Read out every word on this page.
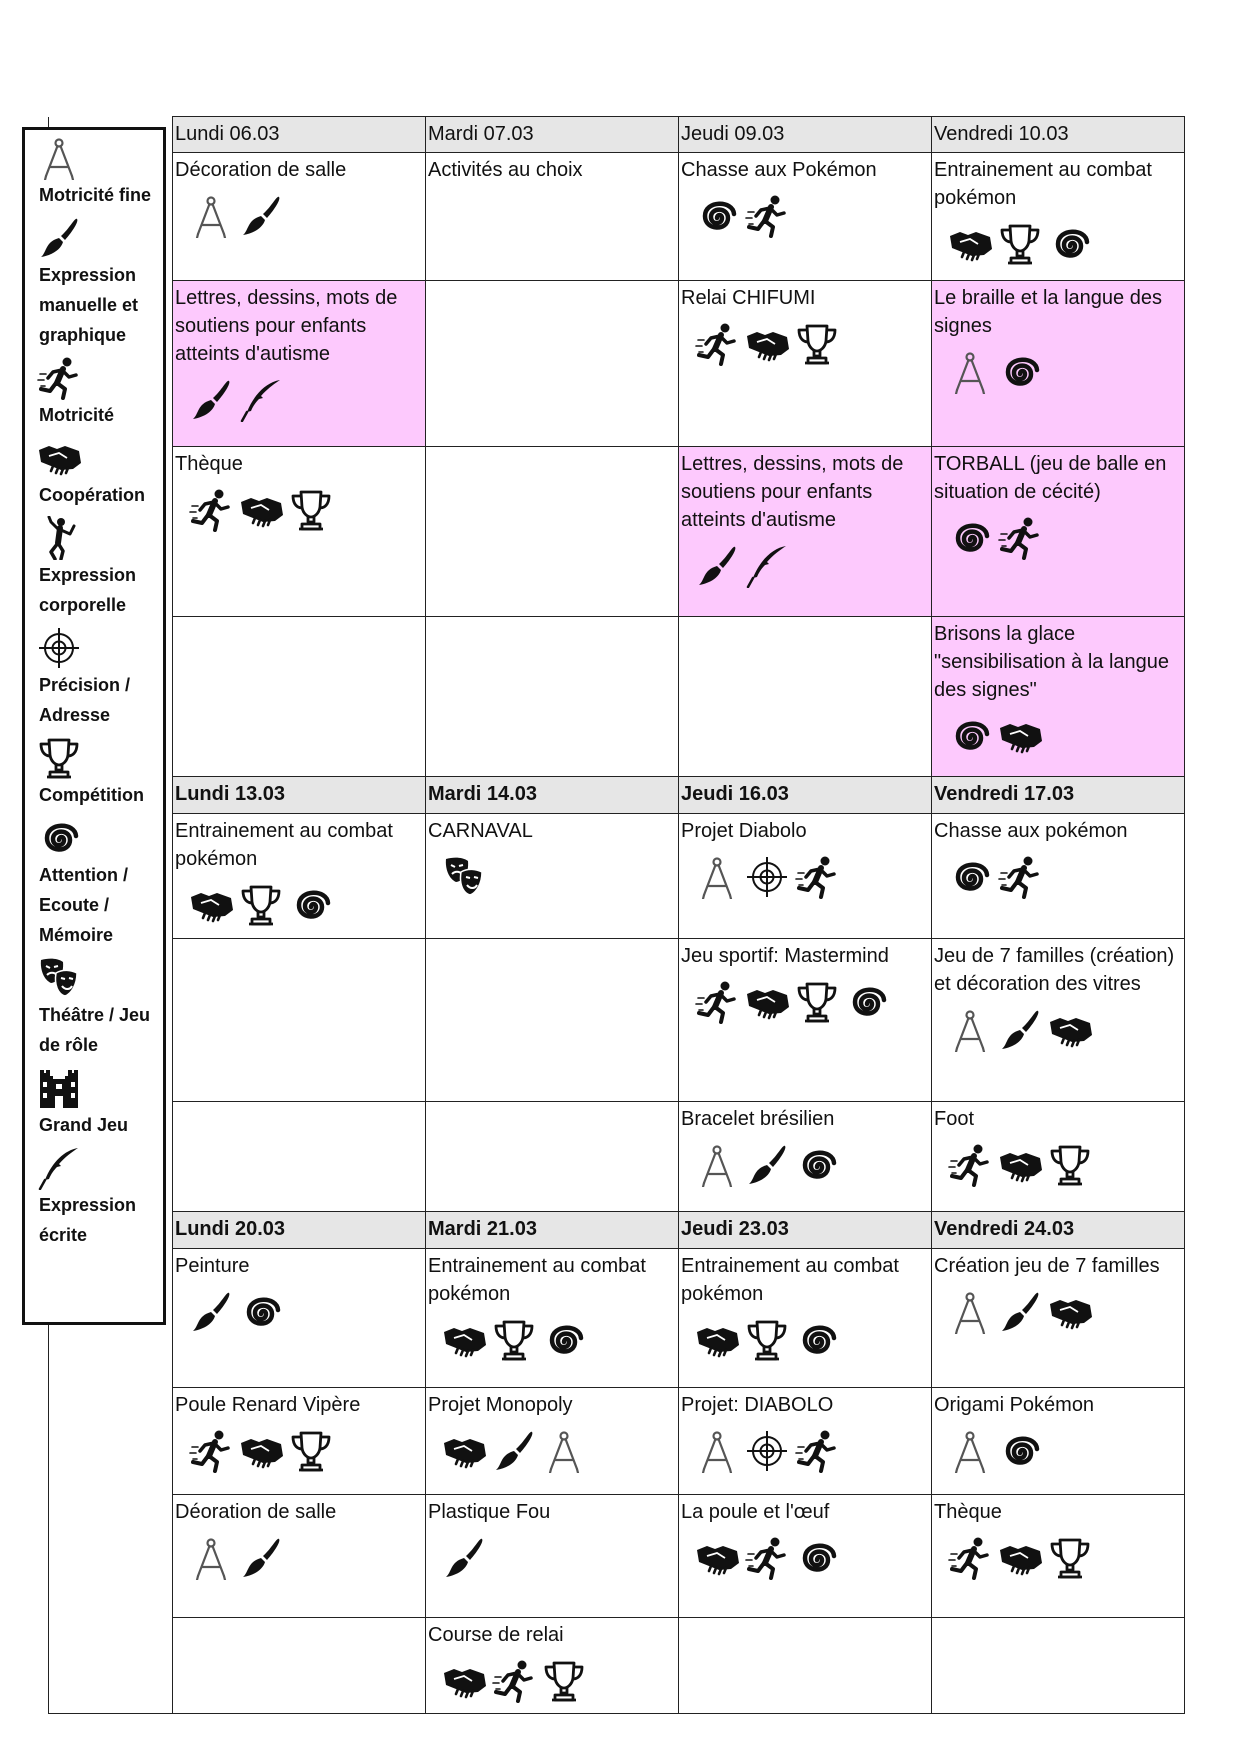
	Lundi 06.03	Mardi 07.03	Jeudi 09.03	Vendredi 10.03

	Décoration de salle	Activités au choix	Chasse aux Pokémon	Entrainement au combat pokémon

	Lettres, dessins, mots de soutiens pour enfants atteints d'autisme		Relai CHIFUMI	Le braille et la langue des signes

	Thèque		Lettres, dessins, mots de soutiens pour enfants atteints d'autisme	TORBALL (jeu de balle en situation de cécité)

				Brisons la glace "sensibilisation à la langue des signes"

	Lundi 13.03	Mardi 14.03	Jeudi 16.03	Vendredi 17.03

	Entrainement au combat pokémon	CARNAVAL	Projet Diabolo	Chasse aux pokémon

			Jeu sportif: Mastermind	Jeu de 7 familles (création) et décoration des vitres

			Bracelet brésilien	Foot

	Lundi 20.03	Mardi 21.03	Jeudi 23.03	Vendredi 24.03

	Peinture	Entrainement au combat pokémon	Entrainement au combat pokémon	Création jeu de 7 familles

	Poule Renard Vipère	Projet Monopoly	Projet: DIABOLO	Origami Pokémon

	Déoration de salle	Plastique Fou	La poule et l'œuf	Thèque

		Course de relai		

Motricité fine
Expression manuelle et graphique
Motricité
Coopération
Expression corporelle
Précision / Adresse
Compétition
Attention / Ecoute / Mémoire
Théâtre / Jeu de rôle
Grand Jeu
Expression écrite
